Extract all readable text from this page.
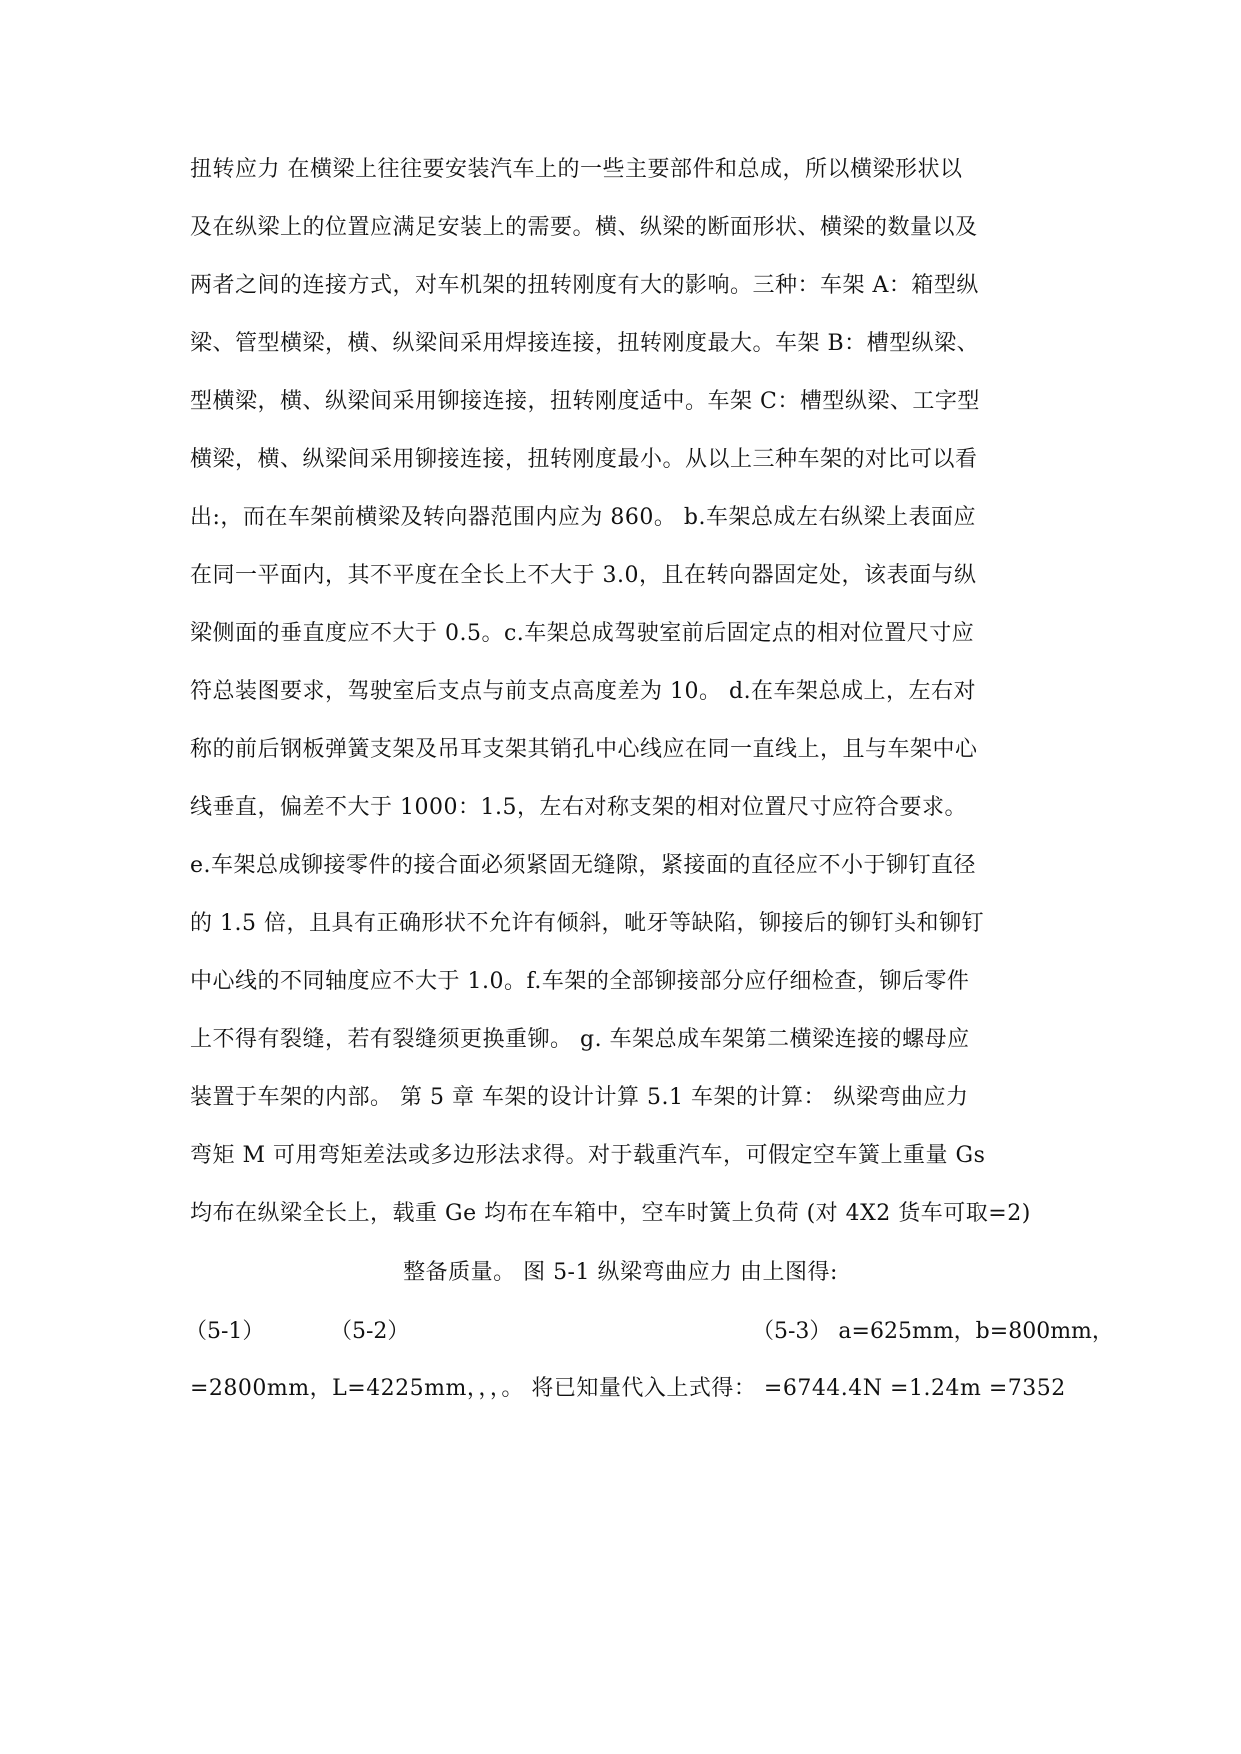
扭转应力 在横梁上往往要安装汽车上的一些主要部件和总成，所以横梁形状以
及在纵梁上的位置应满足安装上的需要。横、纵梁的断面形状、横梁的数量以及
两者之间的连接方式，对车机架的扭转刚度有大的影响。三种：车架 A：箱型纵
梁、管型横梁，横、纵梁间采用焊接连接，扭转刚度最大。车架 B：槽型纵梁、
型横梁，横、纵梁间采用铆接连接，扭转刚度适中。车架 C：槽型纵梁、工字型
横梁，横、纵梁间采用铆接连接，扭转刚度最小。从以上三种车架的对比可以看
出:，而在车架前横梁及转向器范围内应为 860。 b.车架总成左右纵梁上表面应
在同一平面内，其不平度在全长上不大于 3.0，且在转向器固定处，该表面与纵
梁侧面的垂直度应不大于 0.5。c.车架总成驾驶室前后固定点的相对位置尺寸应
符总装图要求，驾驶室后支点与前支点高度差为 10。 d.在车架总成上，左右对
称的前后钢板弹簧支架及吊耳支架其销孔中心线应在同一直线上，且与车架中心
线垂直，偏差不大于 1000：1.5，左右对称支架的相对位置尺寸应符合要求。
e.车架总成铆接零件的接合面必须紧固无缝隙，紧接面的直径应不小于铆钉直径
的 1.5 倍，且具有正确形状不允许有倾斜，呲牙等缺陷，铆接后的铆钉头和铆钉
中心线的不同轴度应不大于 1.0。f.车架的全部铆接部分应仔细检查，铆后零件
上不得有裂缝，若有裂缝须更换重铆。 g. 车架总成车架第二横梁连接的螺母应
装置于车架的内部。 第 5 章 车架的设计计算 5.1 车架的计算： 纵梁弯曲应力
弯矩 M 可用弯矩差法或多边形法求得。对于载重汽车，可假定空车簧上重量 Gs
均布在纵梁全长上，载重 Ge 均布在车箱中，空车时簧上负荷 (对 4X2 货车可取=2)
整备质量。 图 5-1 纵梁弯曲应力 由上图得:
（5-1）	（5-2）	（5-3） a=625mm，b=800mm，
=2800mm，L=4225mm，，，。 将已知量代入上式得： =6744.4N =1.24m =7352
